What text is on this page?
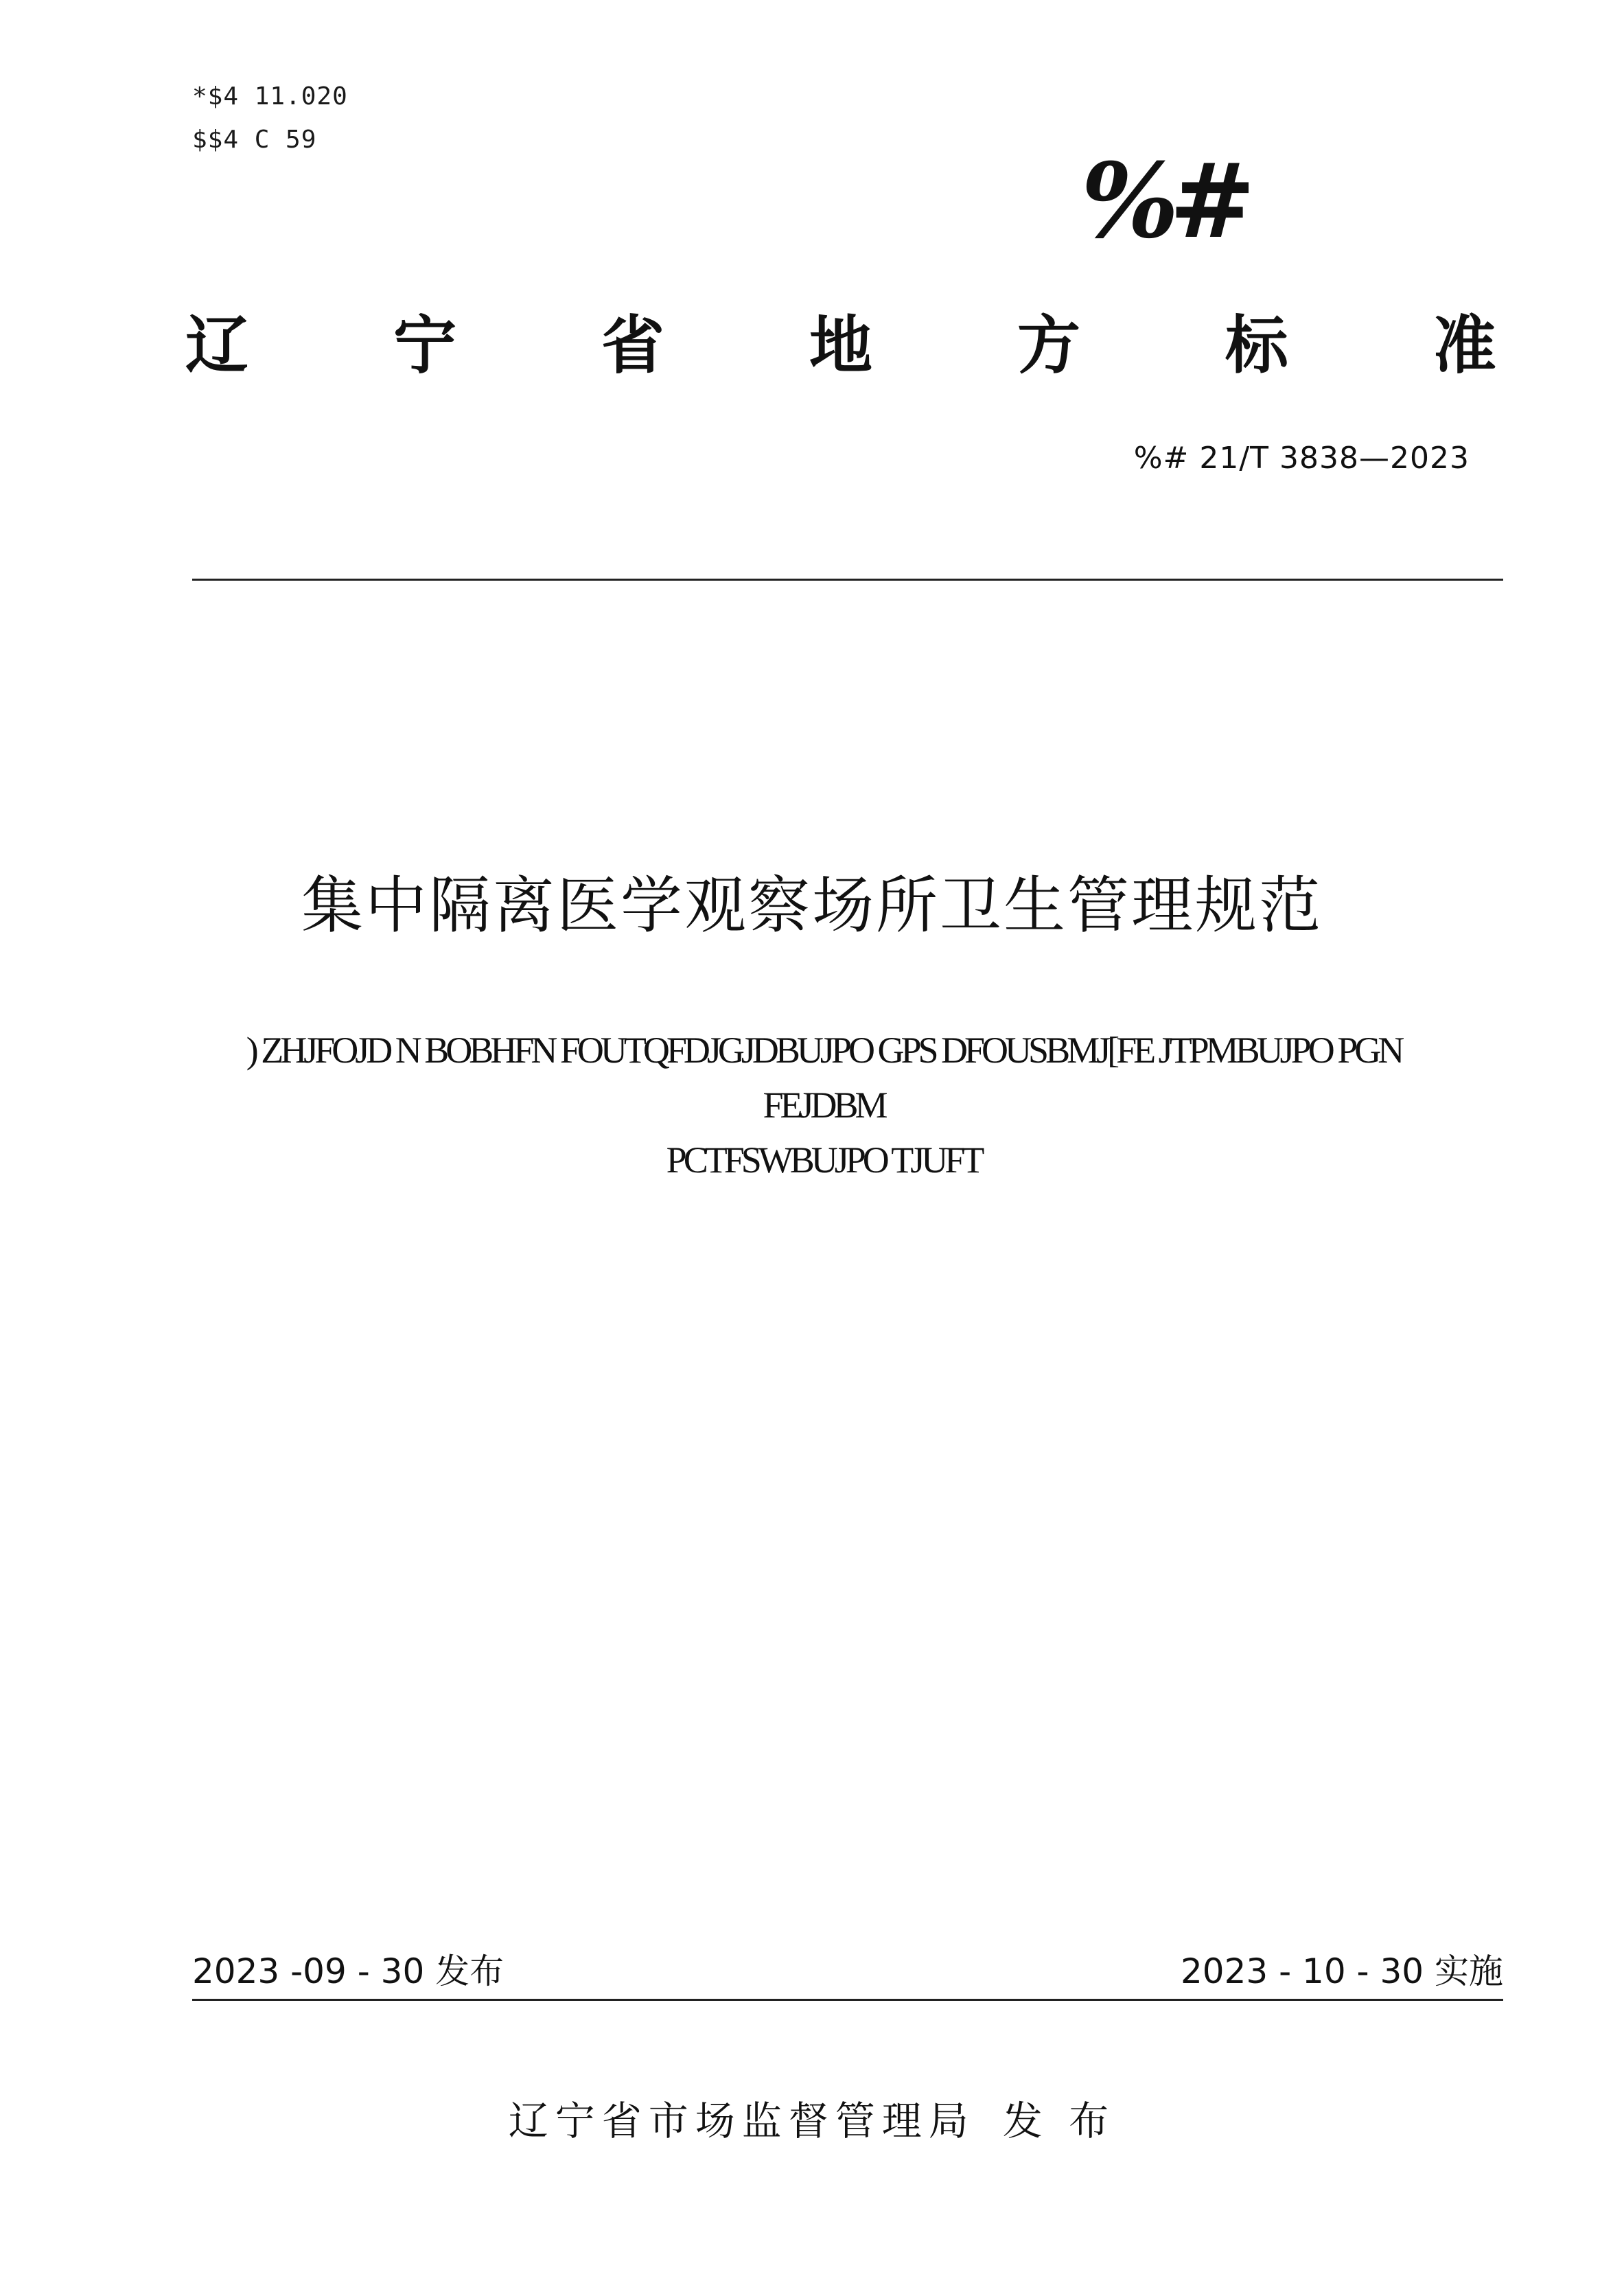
*$4 11.020
$$4 C 59
%#
辽 宁 省 地 方 标 准
%# 21/T 3838—2023
集中隔离医学观察场所卫生管理规范
) ZHJFOJD N BOBHFN FOUTQFDJGJDBUJPO GPS DFOUSBMJ[FE JTPMBUJPO PGN FEJDBM
PCTFSWBUJPO TJUFT
2023 -09 - 30 发布	2023 - 10 - 30 实施
辽宁省市场监督管理局 发 布
